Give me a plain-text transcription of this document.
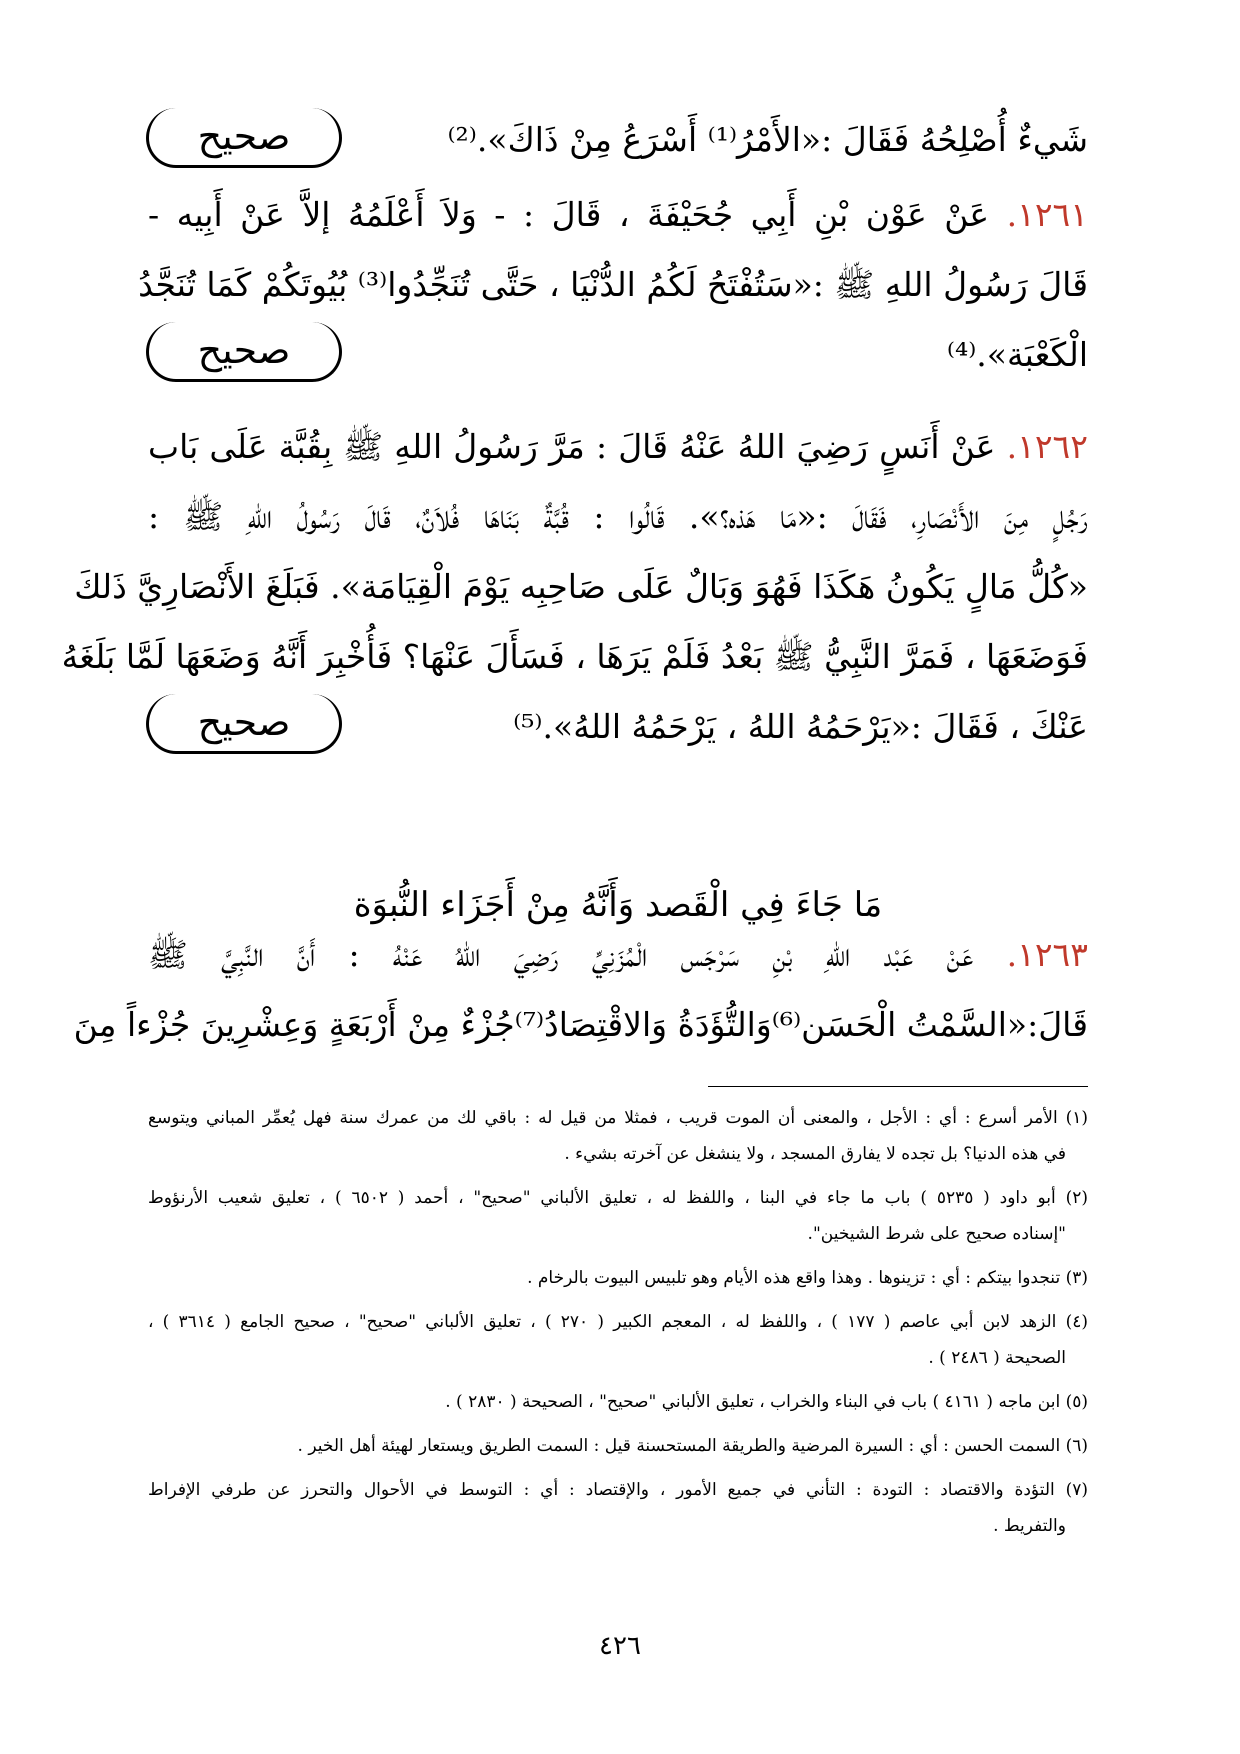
شَيءٌ أُصْلِحُهُ فَقَالَ :«الأَمْرُ⁽¹⁾ أَسْرَعُ مِنْ ذَاكَ».⁽²⁾
صحيح
١٢٦١. عَنْ عَوْن بْنِ أَبِي جُحَيْفَةَ ، قَالَ : - وَلاَ أَعْلَمُهُ إلاَّ عَنْ أَبِيه -
قَالَ رَسُولُ اللهِ ﷺ :«سَتُفْتَحُ لَكُمُ الدُّنْيَا ، حَتَّى تُنَجِّدُوا⁽³⁾ بُيُوتَكُمْ كَمَا تُنَجَّدُ
الْكَعْبَة».⁽⁴⁾
صحيح
١٢٦٢. عَنْ أَنَسٍ رَضِيَ اللهُ عَنْهُ قَالَ : مَرَّ رَسُولُ اللهِ ﷺ بِقُبَّة عَلَى بَاب
رَجُلٍ مِنَ الأَنْصَارِ، فَقَالَ :«مَا هَذه؟». قَالُوا : قُبَّةٌ بَنَاهَا فُلاَنٌ، قَالَ رَسُولُ اللهِ ﷺ :
«كُلُّ مَالٍ يَكُونُ هَكَذَا فَهُوَ وَبَالٌ عَلَى صَاحِبِه يَوْمَ الْقِيَامَة». فَبَلَغَ الأَنْصَارِيَّ ذَلكَ
فَوَضَعَهَا ، فَمَرَّ النَّبِيُّ ﷺ بَعْدُ فَلَمْ يَرَهَا ، فَسَأَلَ عَنْهَا؟ فَأُخْبِرَ أَنَّهُ وَضَعَهَا لَمَّا بَلَغَهُ
عَنْكَ ، فَقَالَ :«يَرْحَمُهُ اللهُ ، يَرْحَمُهُ اللهُ».⁽⁵⁾
صحيح
مَا جَاءَ فِي الْقَصد وَأَنَّهُ مِنْ أَجَزَاء النُّبوَة
١٢٦٣. عَنْ عَبْد اللهِ بْنِ سَرْجَس الْمُزَنِيِّ رَضِيَ اللهُ عَنْهُ : أَنَّ النَّبِيَّ ﷺ
قَالَ:«السَّمْتُ الْحَسَن⁽⁶⁾وَالتُّؤَدَةُ وَالاقْتِصَادُ⁽⁷⁾جُزْءٌ مِنْ أَرْبَعَةٍ وَعِشْرِينَ جُزْءاً مِنَ
(١) الأمر أسرع : أي : الأجل ، والمعنى أن الموت قريب ، فمثلا من قيل له : باقي لك من عمرك سنة فهل يُعمِّر المباني ويتوسع
في هذه الدنيا؟ بل تجده لا يفارق المسجد ، ولا ينشغل عن آخرته بشيء .
(٢) أبو داود ( ٥٢٣٥ ) باب ما جاء في البنا ، واللفظ له ، تعليق الألباني "صحيح" ، أحمد ( ٦٥٠٢ ) ، تعليق شعيب الأرنؤوط
"إسناده صحيح على شرط الشيخين".
(٣) تنجدوا بيتكم : أي : تزينوها . وهذا واقع هذه الأيام وهو تلبيس البيوت بالرخام .
(٤) الزهد لابن أبي عاصم ( ١٧٧ ) ، واللفظ له ، المعجم الكبير ( ٢٧٠ ) ، تعليق الألباني "صحيح" ، صحيح الجامع ( ٣٦١٤ ) ،
الصحيحة ( ٢٤٨٦ ) .
(٥) ابن ماجه ( ٤١٦١ ) باب في البناء والخراب ، تعليق الألباني "صحيح" ، الصحيحة ( ٢٨٣٠ ) .
(٦) السمت الحسن : أي : السيرة المرضية والطريقة المستحسنة قيل : السمت الطريق ويستعار لهيئة أهل الخير .
(٧) التؤدة والاقتصاد : التودة : التأني في جميع الأمور ، والإقتصاد : أي : التوسط في الأحوال والتحرز عن طرفي الإفراط
والتفريط .
٤٢٦
